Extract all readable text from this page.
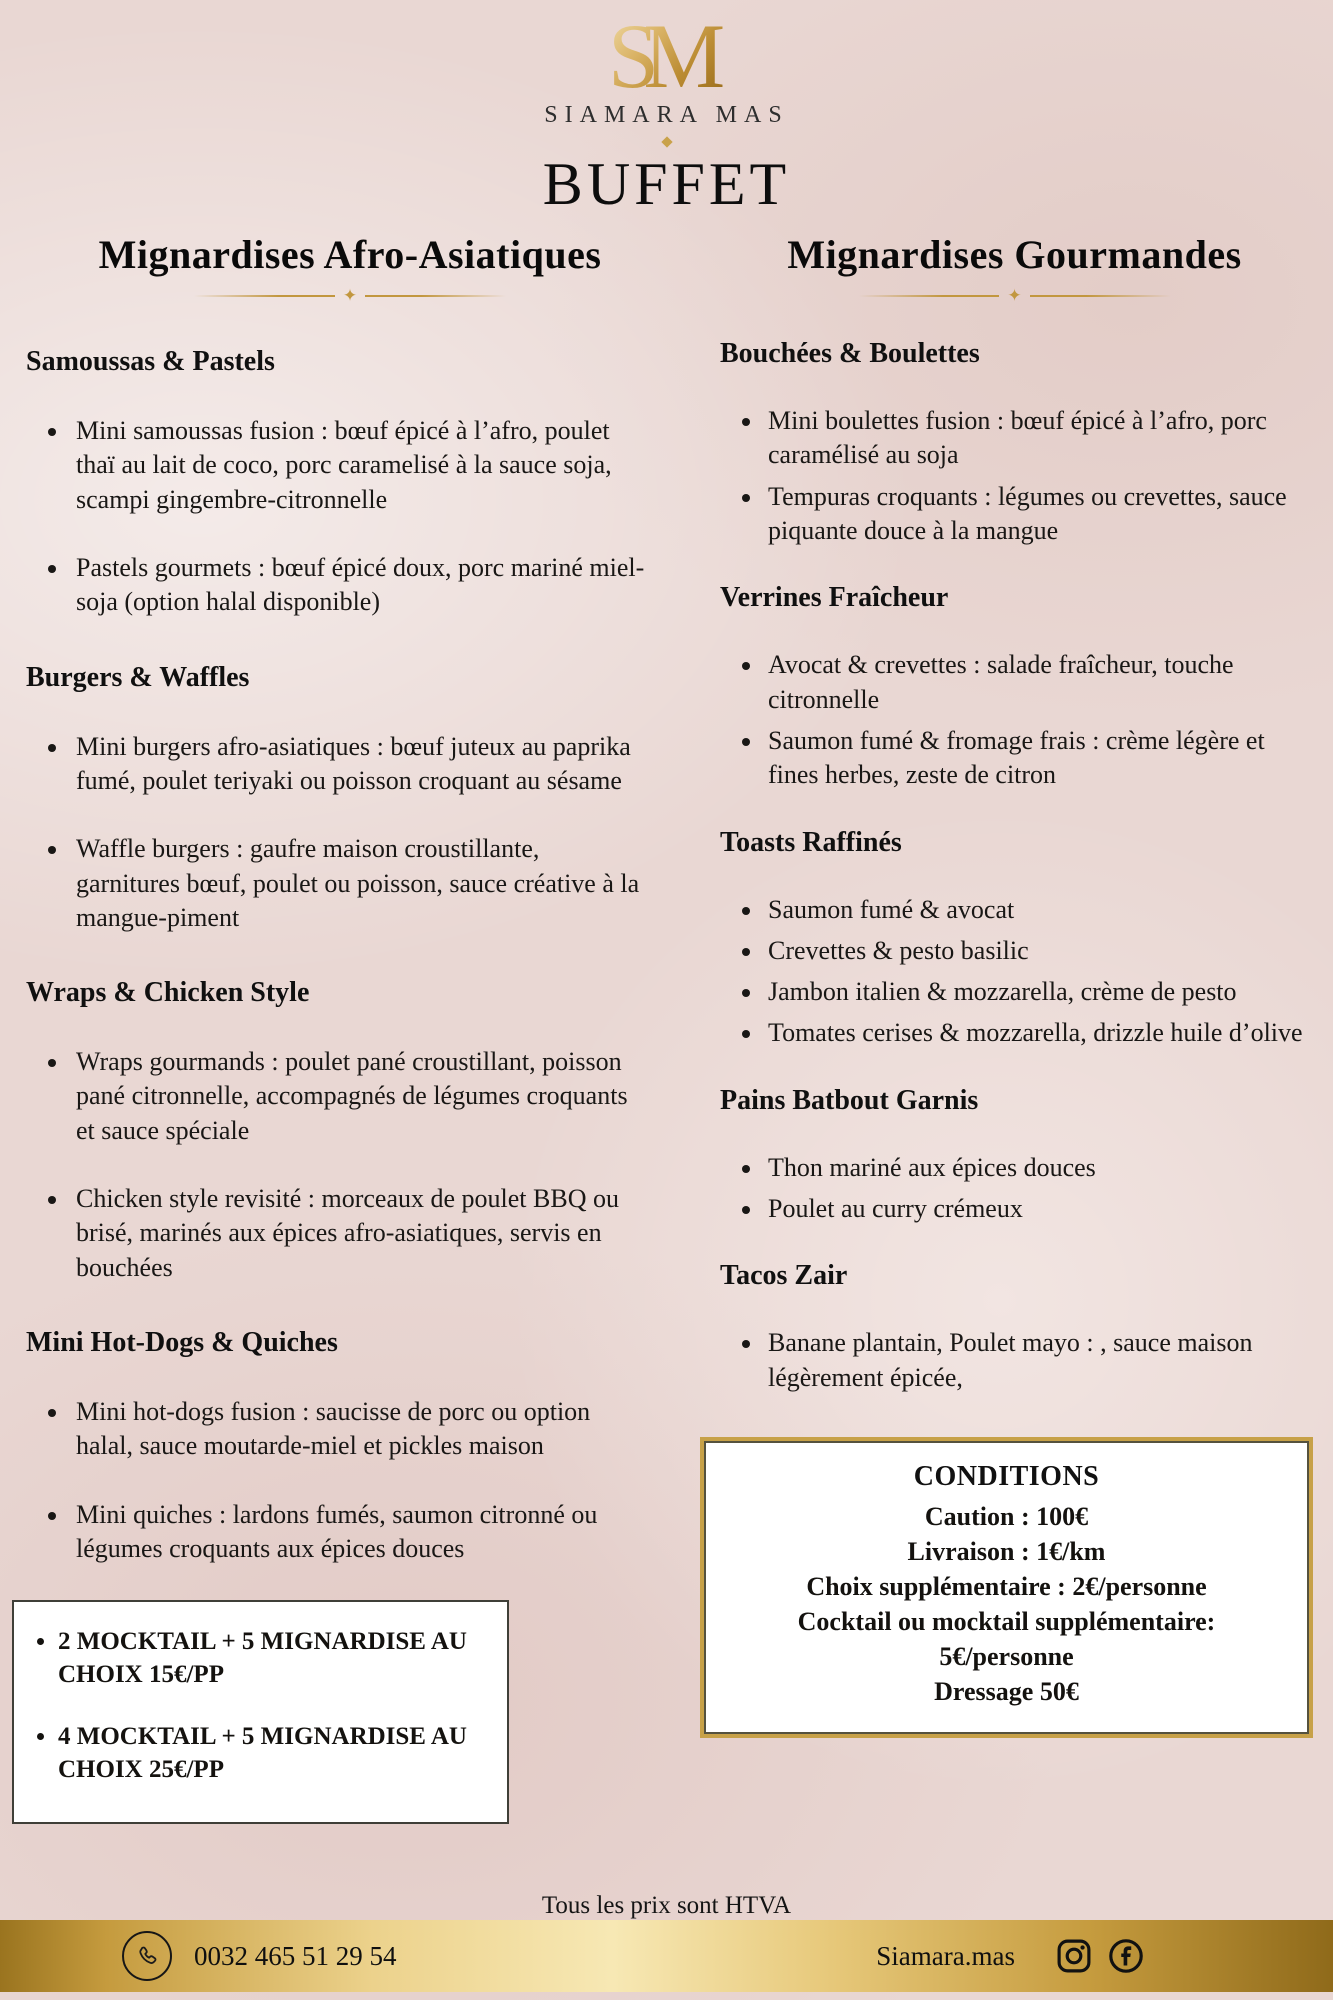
SM
SIAMARA MAS
BUFFET
Mignardises Afro-Asiatiques
✦
Samoussas & Pastels
• Mini samoussas fusion : bœuf épicé à l’afro, poulet thaï au lait de coco, porc caramelisé à la sauce soja, scampi gingembre-citronnelle
• Pastels gourmets : bœuf épicé doux, porc mariné miel-soja (option halal disponible)
Burgers & Waffles
• Mini burgers afro-asiatiques : bœuf juteux au paprika fumé, poulet teriyaki ou poisson croquant au sésame
• Waffle burgers : gaufre maison croustillante, garnitures bœuf, poulet ou poisson, sauce créative à la mangue-piment
Wraps & Chicken Style
• Wraps gourmands : poulet pané croustillant, poisson pané citronnelle, accompagnés de légumes croquants et sauce spéciale
• Chicken style revisité : morceaux de poulet BBQ ou brisé, marinés aux épices afro-asiatiques, servis en bouchées
Mini Hot-Dogs & Quiches
• Mini hot-dogs fusion : saucisse de porc ou option halal, sauce moutarde-miel et pickles maison
• Mini quiches : lardons fumés, saumon citronné ou légumes croquants aux épices douces
• 2 MOCKTAIL + 5 MIGNARDISE AU CHOIX 15€/PP
• 4 MOCKTAIL + 5 MIGNARDISE AU CHOIX 25€/PP
Mignardises Gourmandes
✦
Bouchées & Boulettes
• Mini boulettes fusion : bœuf épicé à l’afro, porc caramélisé au soja
• Tempuras croquants : légumes ou crevettes, sauce piquante douce à la mangue
Verrines Fraîcheur
• Avocat & crevettes : salade fraîcheur, touche citronnelle
• Saumon fumé & fromage frais : crème légère et fines herbes, zeste de citron
Toasts Raffinés
• Saumon fumé & avocat
• Crevettes & pesto basilic
• Jambon italien & mozzarella, crème de pesto
• Tomates cerises & mozzarella, drizzle huile d’olive
Pains Batbout Garnis
• Thon mariné aux épices douces
• Poulet au curry crémeux
Tacos Zair
• Banane plantain, Poulet mayo : , sauce maison légèrement épicée,
CONDITIONS
Caution : 100€
Livraison : 1€/km
Choix supplémentaire : 2€/personne
Cocktail ou mocktail supplémentaire: 5€/personne
Dressage 50€
Tous les prix sont HTVA
0032 465 51 29 54	Siamara.mas
